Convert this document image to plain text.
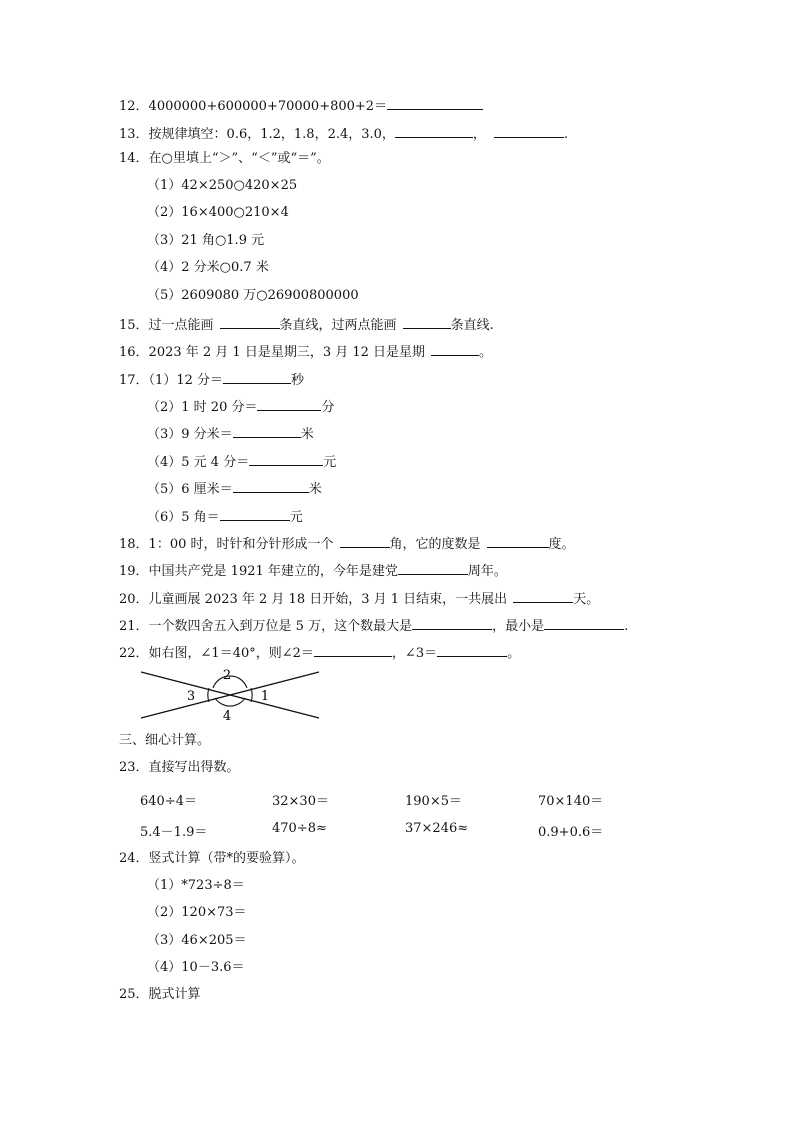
12．4000000+600000+70000+800+2＝
13．按规律填空：0.6，1.2，1.8，2.4，3.0，	，	.
14．在○里填上“＞”、“＜”或“＝”。
（1）42×250○420×25
（2）16×400○210×4
（3）21 角○1.9 元
（4）2 分米○0.7 米
（5）2609080 万○26900800000
15．过一点能画	条直线，过两点能画	条直线.
16．2023 年 2 月 1 日是星期三，3 月 12 日是星期	。
17．（1）12 分＝	秒
（2）1 时 20 分＝	分
（3）9 分米＝	米
（4）5 元 4 分＝	元
（5）6 厘米＝	米
（6）5 角＝	元
18．1：00 时，时针和分针形成一个	角，它的度数是	度。
19．中国共产党是 1921 年建立的，今年是建党	周年。
20．儿童画展 2023 年 2 月 18 日开始，3 月 1 日结束，一共展出	天。
21．一个数四舍五入到万位是 5 万，这个数最大是	，最小是	.
22．如右图，∠1＝40°，则∠2＝	，∠3＝	。
2
3	1
4
三、细心计算。
23．直接写出得数。
640÷4＝	32×30＝	190×5＝	70×140＝
5.4－1.9＝	470÷8≈	37×246≈	0.9+0.6＝
24．竖式计算（带*的要验算）。
（1）*723÷8＝
（2）120×73＝
（3）46×205＝
（4）10－3.6＝
25．脱式计算
